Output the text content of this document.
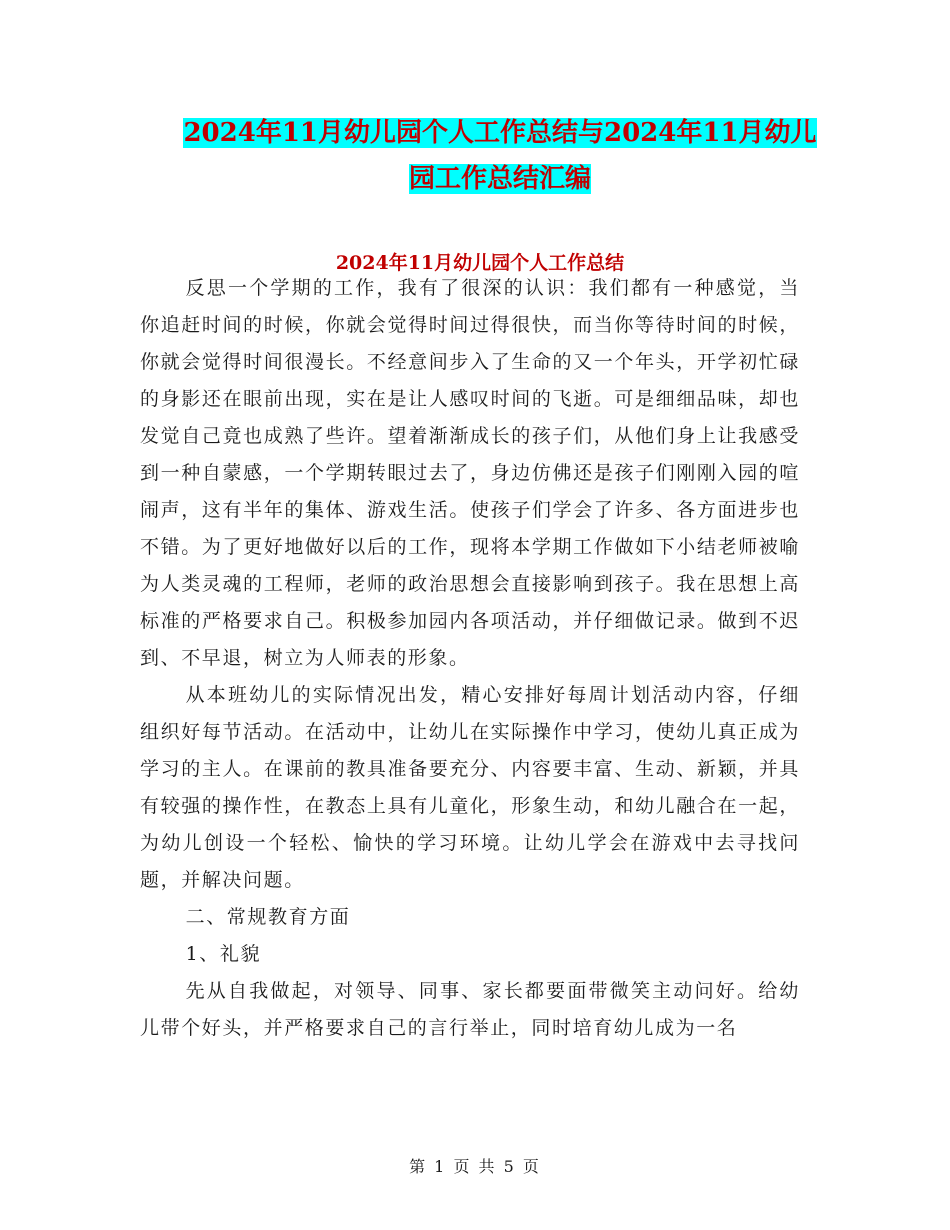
2024年11月幼儿园个人工作总结与2024年11月幼儿
园工作总结汇编
2024年11月幼儿园个人工作总结

反思一个学期的工作，我有了很深的认识：我们都有一种感觉，当你追赶时间的时候，你就会觉得时间过得很快，而当你等待时间的时候，你就会觉得时间很漫长。不经意间步入了生命的又一个年头，开学初忙碌的身影还在眼前出现，实在是让人感叹时间的飞逝。可是细细品味，却也发觉自己竟也成熟了些许。望着渐渐成长的孩子们，从他们身上让我感受到一种自蒙感，一个学期转眼过去了，身边仿佛还是孩子们刚刚入园的喧闹声，这有半年的集体、游戏生活。使孩子们学会了许多、各方面进步也不错。为了更好地做好以后的工作，现将本学期工作做如下小结老师被喻为人类灵魂的工程师，老师的政治思想会直接影响到孩子。我在思想上高标准的严格要求自己。积极参加园内各项活动，并仔细做记录。做到不迟到、不早退，树立为人师表的形象。

从本班幼儿的实际情况出发，精心安排好每周计划活动内容，仔细组织好每节活动。在活动中，让幼儿在实际操作中学习，使幼儿真正成为学习的主人。在课前的教具准备要充分、内容要丰富、生动、新颖，并具有较强的操作性，在教态上具有儿童化，形象生动，和幼儿融合在一起，为幼儿创设一个轻松、愉快的学习环境。让幼儿学会在游戏中去寻找问题，并解决问题。

二、常规教育方面

1、礼貌

先从自我做起，对领导、同事、家长都要面带微笑主动问好。给幼儿带个好头，并严格要求自己的言行举止，同时培育幼儿成为一名

第 1 页 共 5 页
